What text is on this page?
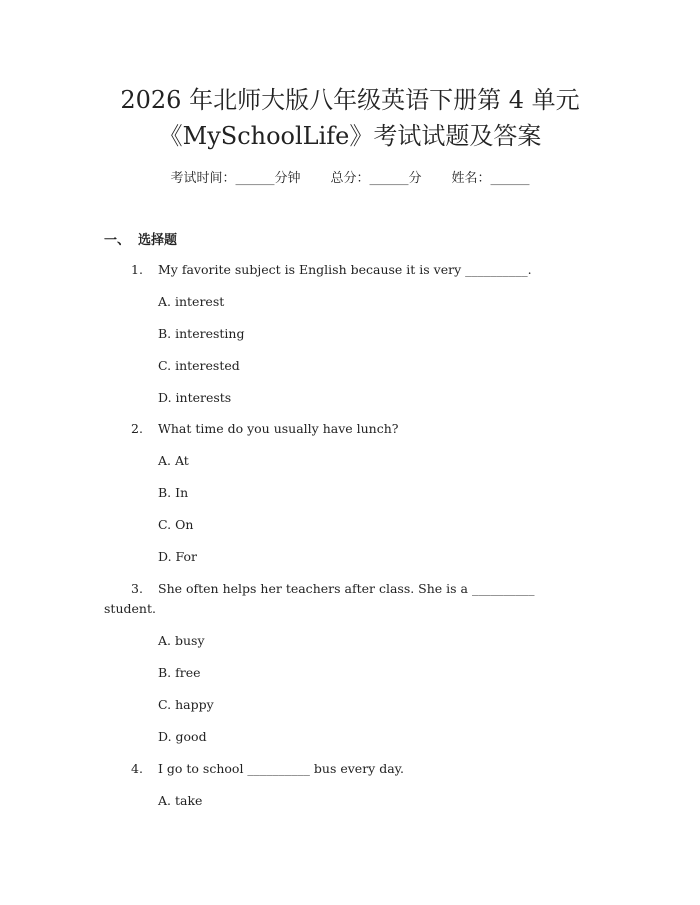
2026 年北师大版八年级英语下册第 4 单元
《MySchoolLife》考试试题及答案
考试时间：______分钟 总分：______分 姓名：______
一、 选择题
1. My favorite subject is English because it is very __________.
A. interest
B. interesting
C. interested
D. interests
2. What time do you usually have lunch?
A. At
B. In
C. On
D. For
3. She often helps her teachers after class. She is a __________
student.
A. busy
B. free
C. happy
D. good
4. I go to school __________ bus every day.
A. take
